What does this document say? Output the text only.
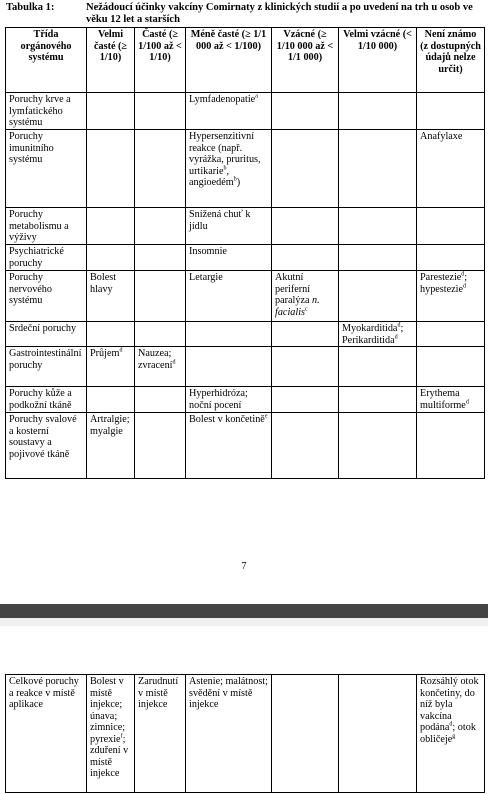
Tabulka 1:	Nežádoucí účinky vakcíny Comirnaty z klinických studií a po uvedení na trh u osob ve věku 12 let a starších
Třída orgánového systému	Velmi časté (≥ 1/10)	Časté (≥ 1/100 až < 1/10)	Méně časté (≥ 1/1 000 až < 1/100)	Vzácné (≥ 1/10 000 až < 1/1 000)	Velmi vzácné (< 1/10 000)	Není známo (z dostupných údajů nelze určit)
Poruchy krve a lymfatického systému			Lymfadenopatie$^a$			
Poruchy imunitního systému			Hypersenzitivní reakce (např. vyrážka, pruritus, urtikarie$^b$, angioedém$^b$)			Anafylaxe
Poruchy metabolismu a výživy			Snížená chuť k jídlu			
Psychiatrické poruchy			Insomnie			
Poruchy nervového systému	Bolest hlavy		Letargie	Akutní periferní paralýza n. facialis$^c$		Parestezie$^d$; hypestezie$^d$
Srdeční poruchy					Myokarditida$^d$; Perikarditida$^d$	
Gastrointestinální poruchy	Průjem$^d$	Nauzea; zvracení$^d$				
Poruchy kůže a podkožní tkáně			Hyperhidróza; noční pocení			Erythema multiforme$^d$
Poruchy svalové a kosterní soustavy a pojivové tkáně	Artralgie; myalgie		Bolest v končetině$^e$			
7
Celkové poruchy a reakce v místě aplikace	Bolest v místě injekce; únava; zimnice; pyrexie$^f$; zduření v místě injekce	Zarudnutí v místě injekce	Astenie; malátnost; svědění v místě injekce			Rozsáhlý otok končetiny, do níž byla vakcína podána$^d$; otok obličeje$^g$
